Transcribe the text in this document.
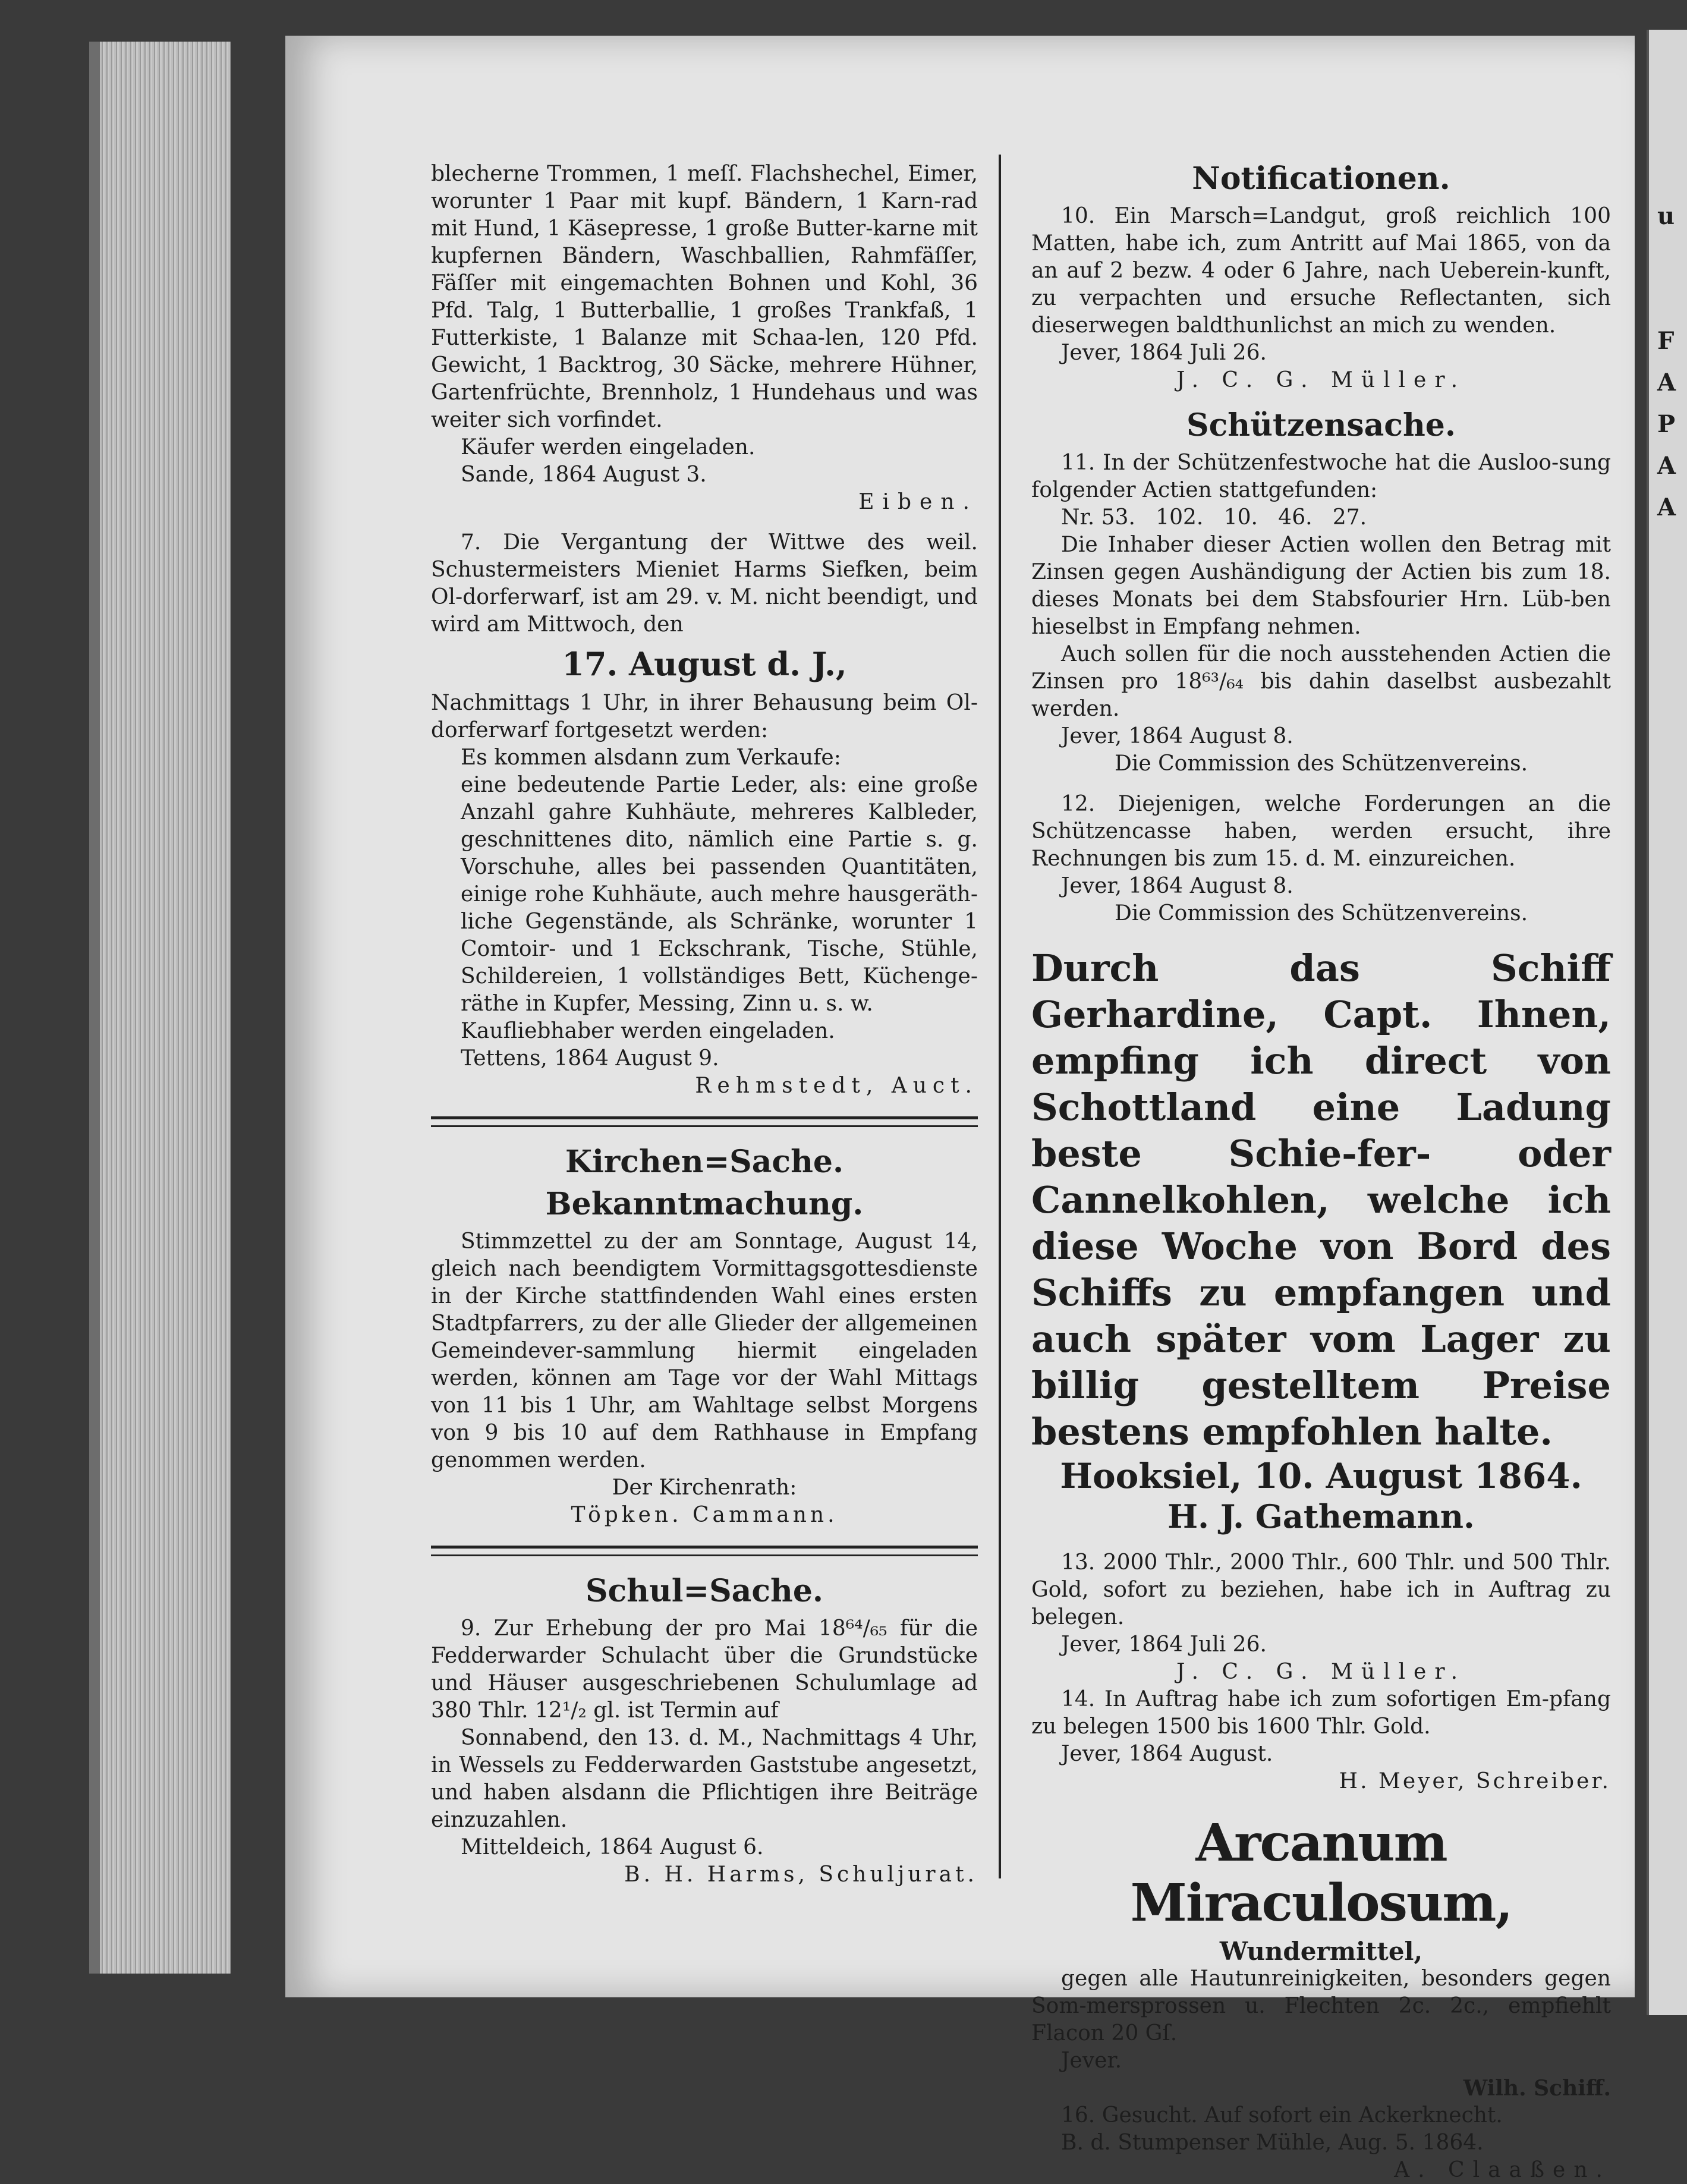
u
F
A
P
A
A

blecherne Trommen, 1 meſſ. Flachshechel, Eimer, worunter 1 Paar mit kupf. Bändern, 1 Karn-rad mit Hund, 1 Käsepresse, 1 große Butter-karne mit kupfernen Bändern, Waschballien, Rahmfäſſer, Fäſſer mit eingemachten Bohnen und Kohl, 36 Pfd. Talg, 1 Butterballie, 1 großes Trankfaß, 1 Futterkiste, 1 Balanze mit Schaa-len, 120 Pfd. Gewicht, 1 Backtrog, 30 Säcke, mehrere Hühner, Gartenfrüchte, Brennholz, 1 Hundehaus und was weiter sich vorfindet.

Käufer werden eingeladen.

Sande, 1864 August 3.

Eiben.

7. Die Vergantung der Wittwe des weil. Schustermeisters Mieniet Harms Siefken, beim Ol-dorferwarf, ist am 29. v. M. nicht beendigt, und wird am Mittwoch, den

17. August d. J.,

Nachmittags 1 Uhr, in ihrer Behausung beim Ol-dorferwarf fortgesetzt werden:

Es kommen alsdann zum Verkaufe:

eine bedeutende Partie Leder, als: eine große Anzahl gahre Kuhhäute, mehreres Kalbleder, geschnittenes dito, nämlich eine Partie s. g. Vorschuhe, alles bei passenden Quantitäten, einige rohe Kuhhäute, auch mehre hausgeräth-liche Gegenstände, als Schränke, worunter 1 Comtoir- und 1 Eckschrank, Tische, Stühle, Schildereien, 1 vollständiges Bett, Küchenge-räthe in Kupfer, Messing, Zinn u. s. w.

Kaufliebhaber werden eingeladen.

Tettens, 1864 August 9.

Rehmstedt, Auct.

Kirchen=Sache.
Bekanntmachung.

Stimmzettel zu der am Sonntage, August 14, gleich nach beendigtem Vormittagsgottesdienste in der Kirche stattfindenden Wahl eines ersten Stadtpfarrers, zu der alle Glieder der allgemeinen Gemeindever-sammlung hiermit eingeladen werden, können am Tage vor der Wahl Mittags von 11 bis 1 Uhr, am Wahltage selbst Morgens von 9 bis 10 auf dem Rathhause in Empfang genommen werden.

Der Kirchenrath:

Töpken. Cammann.

Schul=Sache.

9. Zur Erhebung der pro Mai 18⁶⁴/₆₅ für die Fedderwarder Schulacht über die Grundstücke und Häuser ausgeschriebenen Schulumlage ad 380 Thlr. 12¹/₂ gl. ist Termin auf

Sonnabend, den 13. d. M., Nachmittags 4 Uhr, in Wessels zu Fedderwarden Gaststube angesetzt, und haben alsdann die Pflichtigen ihre Beiträge einzuzahlen.

Mitteldeich, 1864 August 6.

B. H. Harms, Schuljurat.

Notificationen.

10. Ein Marsch=Landgut, groß reichlich 100 Matten, habe ich, zum Antritt auf Mai 1865, von da an auf 2 bezw. 4 oder 6 Jahre, nach Ueberein-kunft, zu verpachten und ersuche Reflectanten, sich dieserwegen baldthunlichst an mich zu wenden.

Jever, 1864 Juli 26.

J. C. G. Müller.

Schützensache.

11. In der Schützenfestwoche hat die Ausloo-sung folgender Actien stattgefunden:

Nr. 53.   102.   10.   46.   27.

Die Inhaber dieser Actien wollen den Betrag mit Zinsen gegen Aushändigung der Actien bis zum 18. dieses Monats bei dem Stabsfourier Hrn. Lüb-ben hieselbst in Empfang nehmen.

Auch sollen für die noch ausstehenden Actien die Zinsen pro 18⁶³/₆₄ bis dahin daselbst ausbezahlt werden.

Jever, 1864 August 8.

Die Commission des Schützenvereins.

12. Diejenigen, welche Forderungen an die Schützencasse haben, werden ersucht, ihre Rechnungen bis zum 15. d. M. einzureichen.

Jever, 1864 August 8.

Die Commission des Schützenvereins.

Durch das Schiff Gerhardine, Capt. Ihnen, empfing ich direct von Schottland eine Ladung beste Schie-fer- oder Cannelkohlen, welche ich diese Woche von Bord des Schiffs zu empfangen und auch später vom Lager zu billig gestelltem Preise bestens empfohlen halte.

Hooksiel, 10. August 1864.

H. J. Gathemann.

13. 2000 Thlr., 2000 Thlr., 600 Thlr. und 500 Thlr. Gold, sofort zu beziehen, habe ich in Auftrag zu belegen.

Jever, 1864 Juli 26.

J. C. G. Müller.

14. In Auftrag habe ich zum sofortigen Em-pfang zu belegen 1500 bis 1600 Thlr. Gold.

Jever, 1864 August.

H. Meyer, Schreiber.

Arcanum Miraculosum,

Wundermittel,

gegen alle Hautunreinigkeiten, besonders gegen Som-mersprossen u. Flechten 2c. 2c., empfiehlt Flacon 20 Gſ.

Jever.

Wilh. Schiff.

16. Gesucht. Auf sofort ein Ackerknecht.

B. d. Stumpenser Mühle, Aug. 5. 1864.

A. Claaßen.
